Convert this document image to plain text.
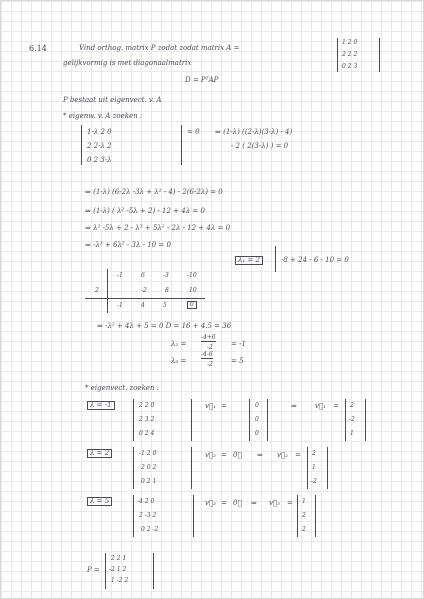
6.14	Vind orthog. matrix P zodat zodat matrix A =
gelijkvormig is met diagonaalmatrix
1 2 0
2 2 2
0 2 3
D = PᵀAP
P bestaat uit eigenvect. v. A
* eigenw. v. A zoeken :
1-λ 2 0
2 2-λ 2
0 2 3-λ
= 0 ⇒ (1-λ) ((2-λ)(3-λ) - 4)
- 2 ( 2(3-λ) ) = 0
⇒ (1-λ) (6-2λ -3λ + λ² - 4) - 2(6-2λ) = 0
⇒ (1-λ) ( λ² -5λ + 2) - 12 + 4λ = 0
⇒ λ² -5λ + 2 - λ³ + 5λ² - 2λ - 12 + 4λ = 0
⇒ -λ³ + 6λ² - 3λ - 10 = 0
λ₁ = 2	-8 + 24 - 6 - 10 = 0
-1	6	-3	-10
2	-2	8	10
-1	4	5	0
⇒ -λ² + 4λ + 5 = 0 D = 16 + 4.5 = 36
λ₂ =
-4+6
-2	= -1
λ₃ =
-4-6
-2	= 5
* eigenvect. zoeken :
λ = -1	2 2 0
2 3 2
0 2 4
v⃗₁ =	0
0
0
⇒	v⃗₁ = 2
-2
1
λ = 2	-1 2 0
2 0 2
0 2 1
v⃗₂ = 0⃗ ⇒ v⃗₂ = 2
1
-2
λ = 5	-4 2 0
2 -3 2
0 2 -2
v⃗₃ = 0⃗ ⇒ v⃗₃ = 1
2
2
P =
2 2 1
-2 1 2
1 -2 2
